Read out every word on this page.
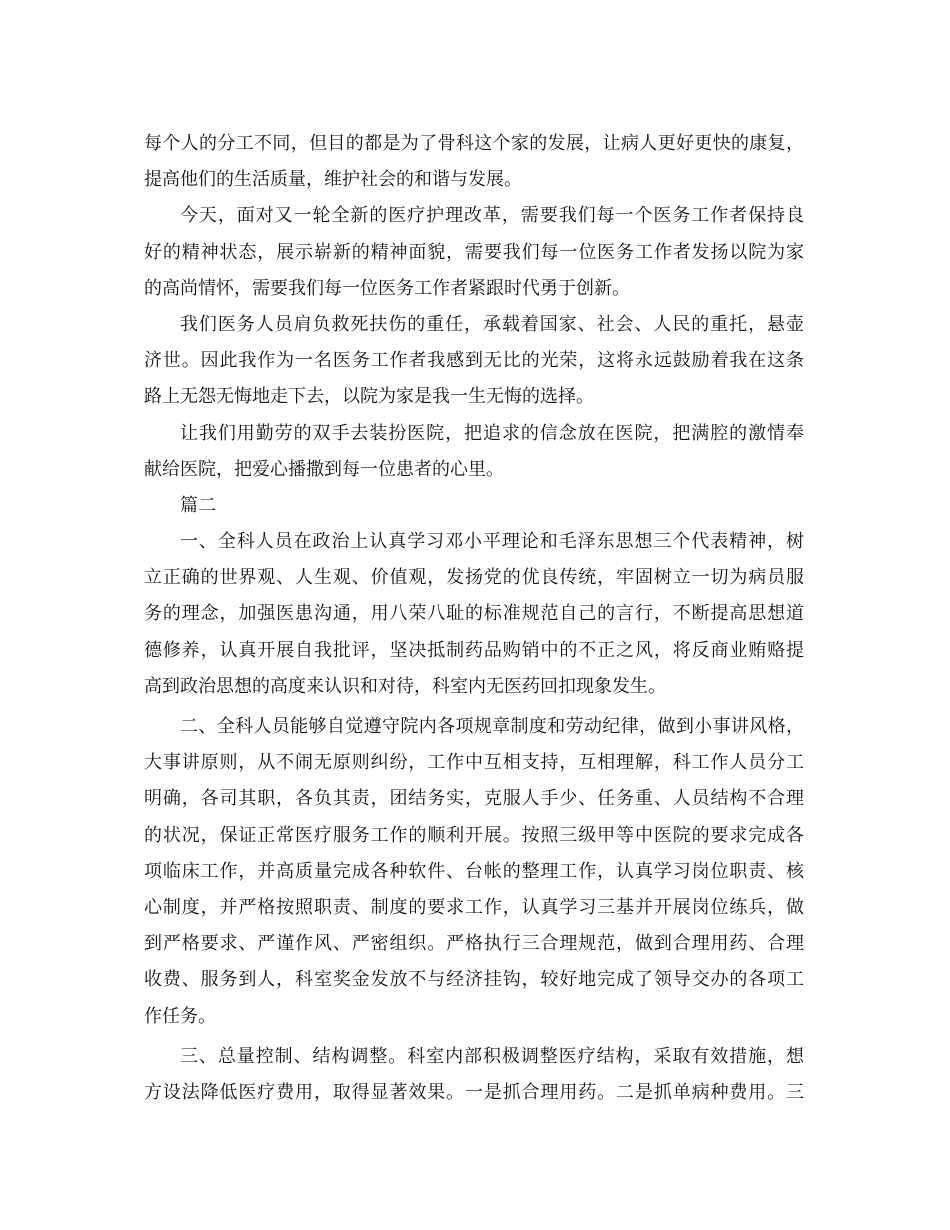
每个人的分工不同，但目的都是为了骨科这个家的发展，让病人更好更快的康复，
提高他们的生活质量，维护社会的和谐与发展。
今天，面对又一轮全新的医疗护理改革，需要我们每一个医务工作者保持良
好的精神状态，展示崭新的精神面貌，需要我们每一位医务工作者发扬以院为家
的高尚情怀，需要我们每一位医务工作者紧跟时代勇于创新。
我们医务人员肩负救死扶伤的重任，承载着国家、社会、人民的重托，悬壶
济世。因此我作为一名医务工作者我感到无比的光荣，这将永远鼓励着我在这条
路上无怨无悔地走下去，以院为家是我一生无悔的选择。
让我们用勤劳的双手去装扮医院，把追求的信念放在医院，把满腔的激情奉
献给医院，把爱心播撒到每一位患者的心里。
篇二
一、全科人员在政治上认真学习邓小平理论和毛泽东思想三个代表精神，树
立正确的世界观、人生观、价值观，发扬党的优良传统，牢固树立一切为病员服
务的理念，加强医患沟通，用八荣八耻的标准规范自己的言行，不断提高思想道
德修养，认真开展自我批评，坚决抵制药品购销中的不正之风，将反商业贿赂提
高到政治思想的高度来认识和对待，科室内无医药回扣现象发生。
二、全科人员能够自觉遵守院内各项规章制度和劳动纪律，做到小事讲风格，
大事讲原则，从不闹无原则纠纷，工作中互相支持，互相理解，科工作人员分工
明确，各司其职，各负其责，团结务实，克服人手少、任务重、人员结构不合理
的状况，保证正常医疗服务工作的顺利开展。按照三级甲等中医院的要求完成各
项临床工作，并高质量完成各种软件、台帐的整理工作，认真学习岗位职责、核
心制度，并严格按照职责、制度的要求工作，认真学习三基并开展岗位练兵，做
到严格要求、严谨作风、严密组织。严格执行三合理规范，做到合理用药、合理
收费、服务到人，科室奖金发放不与经济挂钩，较好地完成了领导交办的各项工
作任务。
三、总量控制、结构调整。科室内部积极调整医疗结构，采取有效措施，想
方设法降低医疗费用，取得显著效果。一是抓合理用药。二是抓单病种费用。三
